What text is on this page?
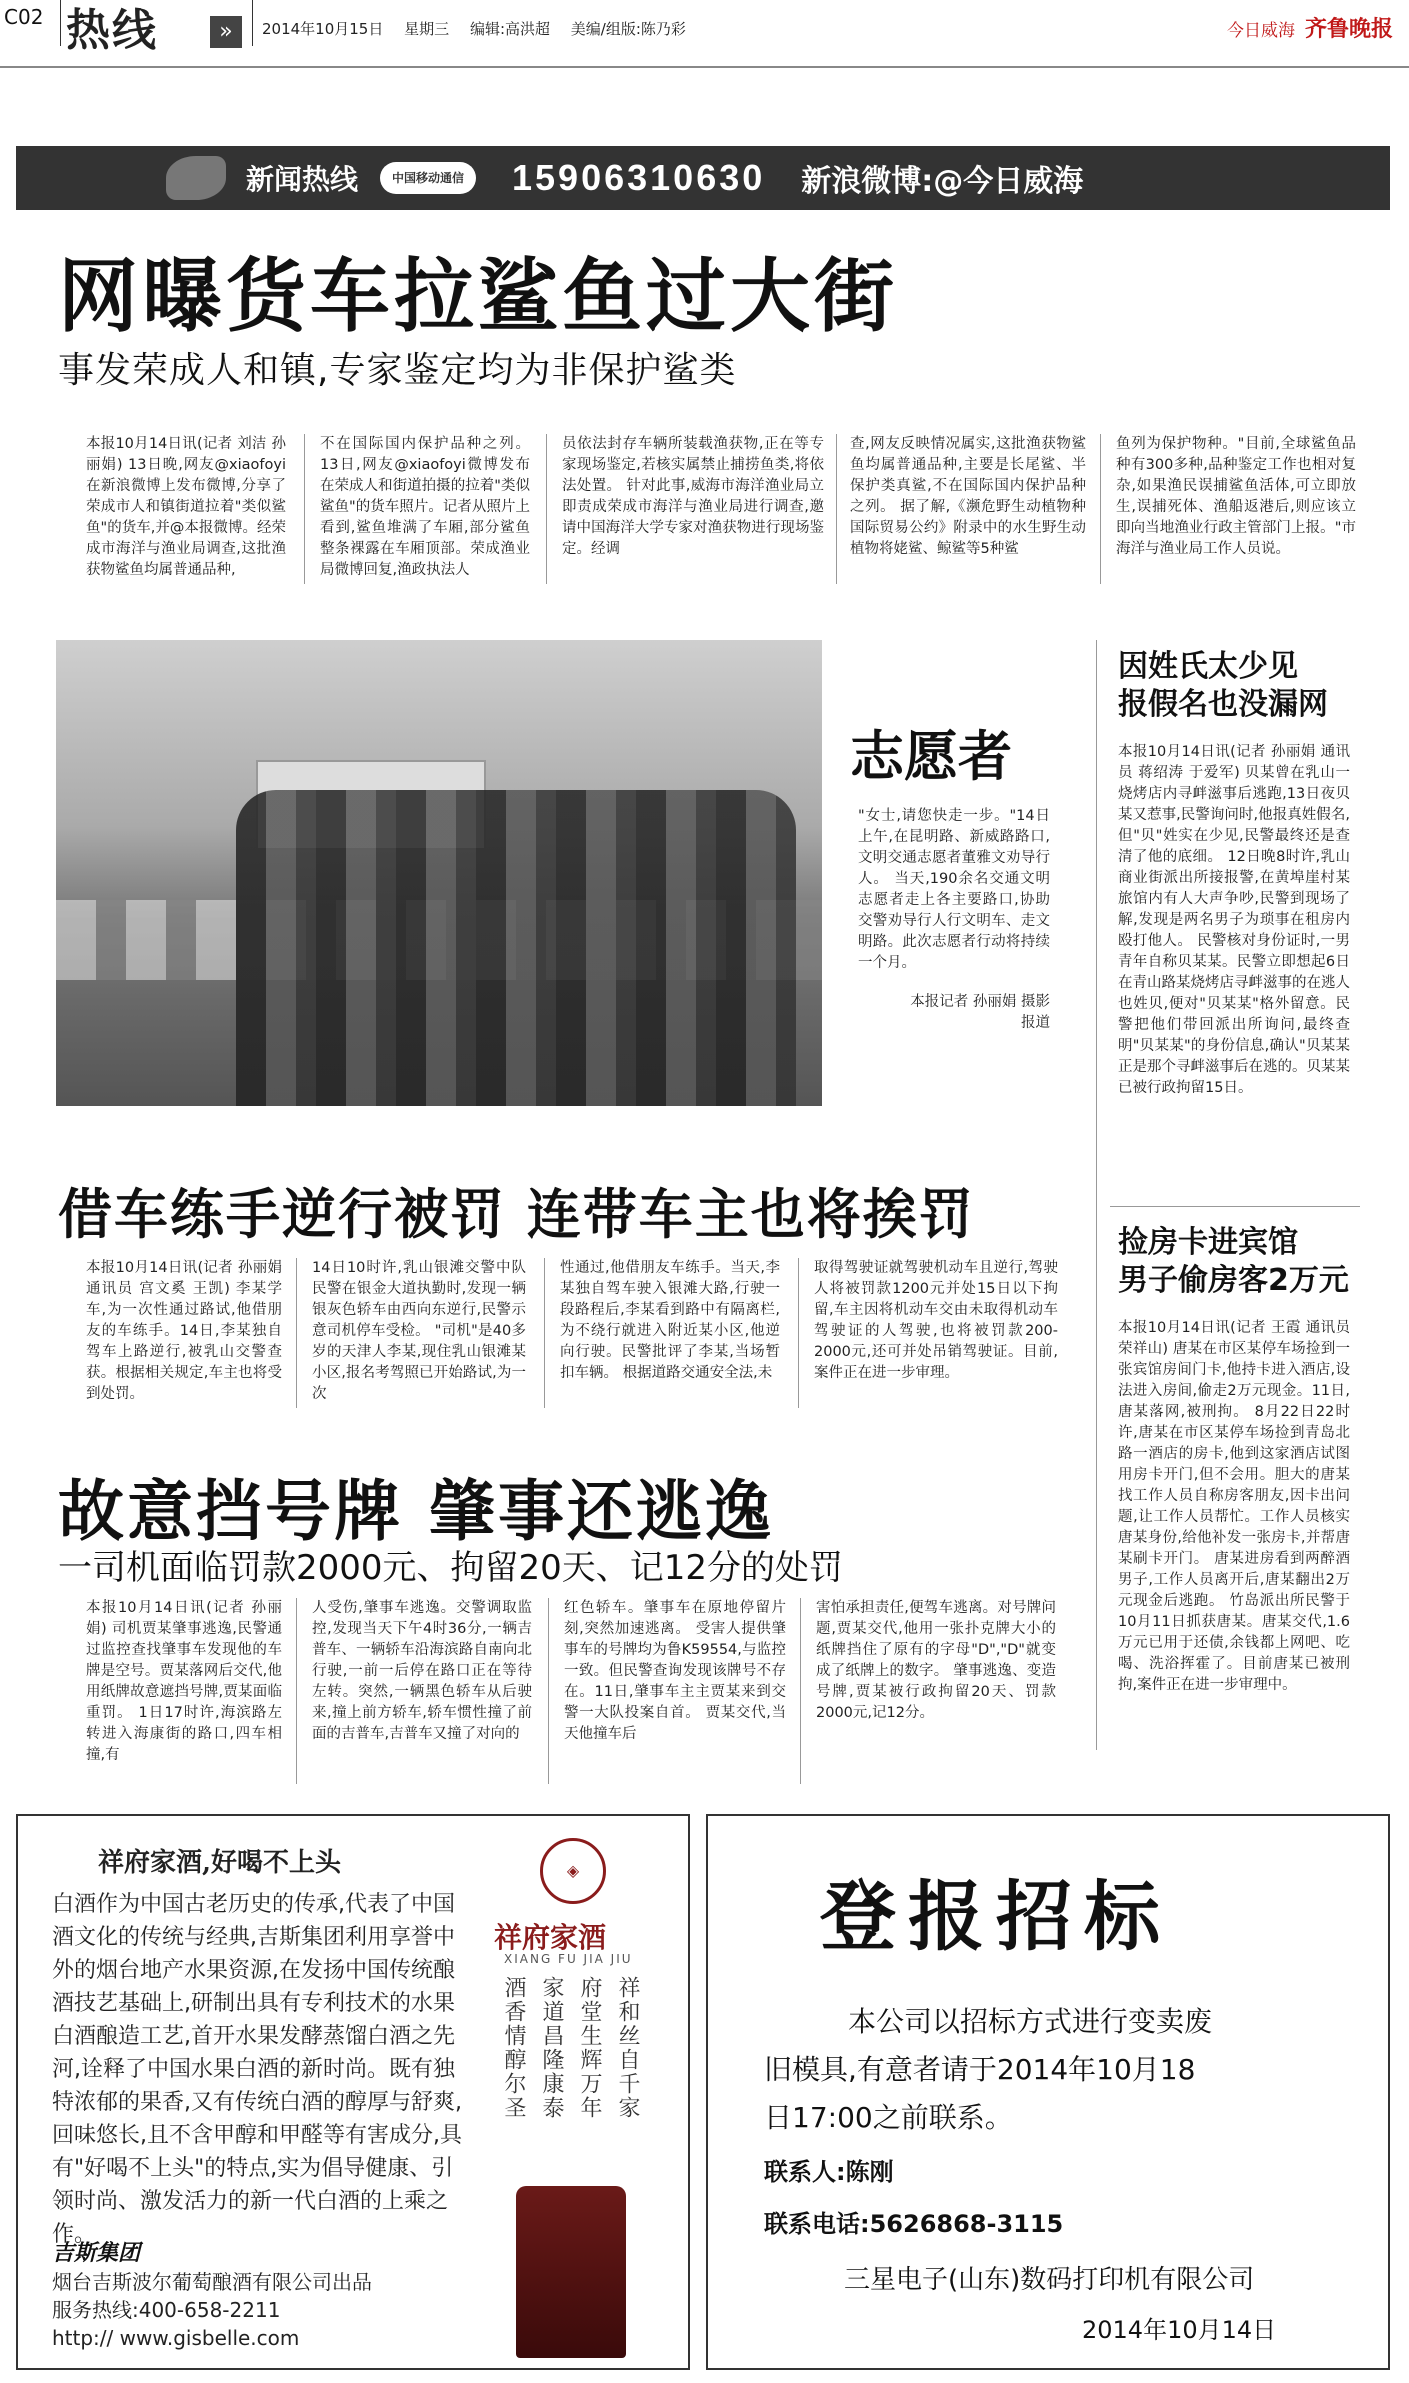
C02 热线	»	2014年10月15日 星期三 编辑:高洪超 美编/组版:陈乃彩	今日威海 齐鲁晚报
新闻热线	中国移动通信	15906310630 新浪微博:@今日威海
网曝货车拉鲨鱼过大街
事发荣成人和镇,专家鉴定均为非保护鲨类
本报10月14日讯(记者 刘洁 孙丽娟) 13日晚,网友@xiaofoyi在新浪微博上发布微博,分享了荣成市人和镇街道拉着"类似鲨鱼"的货车,并@本报微博。经荣成市海洋与渔业局调查,这批渔获物鲨鱼均属普通品种,
不在国际国内保护品种之列。 13日,网友@xiaofoyi微博发布在荣成人和街道拍摄的拉着"类似鲨鱼"的货车照片。记者从照片上看到,鲨鱼堆满了车厢,部分鲨鱼整条裸露在车厢顶部。荣成渔业局微博回复,渔政执法人
员依法封存车辆所装载渔获物,正在等专家现场鉴定,若核实属禁止捕捞鱼类,将依法处置。 针对此事,威海市海洋渔业局立即责成荣成市海洋与渔业局进行调查,邀请中国海洋大学专家对渔获物进行现场鉴定。经调
查,网友反映情况属实,这批渔获物鲨鱼均属普通品种,主要是长尾鲨、半保护类真鲨,不在国际国内保护品种之列。 据了解,《濒危野生动植物种国际贸易公约》附录中的水生野生动植物将姥鲨、鲸鲨等5种鲨
鱼列为保护物种。"目前,全球鲨鱼品种有300多种,品种鉴定工作也相对复杂,如果渔民误捕鲨鱼活体,可立即放生,误捕死体、渔船返港后,则应该立即向当地渔业行政主管部门上报。"市海洋与渔业局工作人员说。
志愿者
"女士,请您快走一步。"14日上午,在昆明路、新威路路口,文明交通志愿者董雅文劝导行人。 当天,190余名交通文明志愿者走上各主要路口,协助交警劝导行人行文明车、走文明路。此次志愿者行动将持续一个月。
本报记者 孙丽娟 摄影报道
因姓氏太少见
报假名也没漏网
本报10月14日讯(记者 孙丽娟 通讯员 蒋绍涛 于爱军) 贝某曾在乳山一烧烤店内寻衅滋事后逃跑,13日夜贝某又惹事,民警询问时,他报真姓假名,但"贝"姓实在少见,民警最终还是查清了他的底细。 12日晚8时许,乳山商业街派出所接报警,在黄埠崖村某旅馆内有人大声争吵,民警到现场了解,发现是两名男子为琐事在租房内殴打他人。 民警核对身份证时,一男青年自称贝某某。民警立即想起6日在青山路某烧烤店寻衅滋事的在逃人也姓贝,便对"贝某某"格外留意。民警把他们带回派出所询问,最终查明"贝某某"的身份信息,确认"贝某某正是那个寻衅滋事后在逃的。贝某某已被行政拘留15日。
借车练手逆行被罚 连带车主也将挨罚
本报10月14日讯(记者 孙丽娟 通讯员 宫文奚 王凯) 李某学车,为一次性通过路试,他借朋友的车练手。14日,李某独自驾车上路逆行,被乳山交警查获。根据相关规定,车主也将受到处罚。
14日10时许,乳山银滩交警中队民警在银金大道执勤时,发现一辆银灰色轿车由西向东逆行,民警示意司机停车受检。 "司机"是40多岁的天津人李某,现住乳山银滩某小区,报名考驾照已开始路试,为一次
性通过,他借朋友车练手。当天,李某独自驾车驶入银滩大路,行驶一段路程后,李某看到路中有隔离栏,为不绕行就进入附近某小区,他逆向行驶。民警批评了李某,当场暂扣车辆。 根据道路交通安全法,未
取得驾驶证就驾驶机动车且逆行,驾驶人将被罚款1200元并处15日以下拘留,车主因将机动车交由未取得机动车驾驶证的人驾驶,也将被罚款200-2000元,还可并处吊销驾驶证。目前,案件正在进一步审理。
捡房卡进宾馆
男子偷房客2万元
本报10月14日讯(记者 王霞 通讯员 荣祥山) 唐某在市区某停车场捡到一张宾馆房间门卡,他持卡进入酒店,设法进入房间,偷走2万元现金。11日,唐某落网,被刑拘。 8月22日22时许,唐某在市区某停车场捡到青岛北路一酒店的房卡,他到这家酒店试图用房卡开门,但不会用。胆大的唐某找工作人员自称房客朋友,因卡出问题,让工作人员帮忙。工作人员核实唐某身份,给他补发一张房卡,并帮唐某刷卡开门。 唐某进房看到两醉酒男子,工作人员离开后,唐某翻出2万元现金后逃跑。 竹岛派出所民警于10月11日抓获唐某。唐某交代,1.6万元已用于还债,余钱都上网吧、吃喝、洗浴挥霍了。目前唐某已被刑拘,案件正在进一步审理中。
故意挡号牌 肇事还逃逸
一司机面临罚款2000元、拘留20天、记12分的处罚
本报10月14日讯(记者 孙丽娟) 司机贾某肇事逃逸,民警通过监控查找肇事车发现他的车牌是空号。贾某落网后交代,他用纸牌故意遮挡号牌,贾某面临重罚。 1日17时许,海滨路左转进入海康街的路口,四车相撞,有
人受伤,肇事车逃逸。交警调取监控,发现当天下午4时36分,一辆吉普车、一辆轿车沿海滨路自南向北行驶,一前一后停在路口正在等待左转。突然,一辆黑色轿车从后驶来,撞上前方轿车,轿车惯性撞了前面的吉普车,吉普车又撞了对向的
红色轿车。肇事车在原地停留片刻,突然加速逃离。 受害人提供肇事车的号牌均为鲁K59554,与监控一致。但民警查询发现该牌号不存在。11日,肇事车主主贾某来到交警一大队投案自首。 贾某交代,当天他撞车后
害怕承担责任,便驾车逃离。对号牌问题,贾某交代,他用一张扑克牌大小的纸牌挡住了原有的字母"D","D"就变成了纸牌上的数字。 肇事逃逸、变造号牌,贾某被行政拘留20天、罚款2000元,记12分。
祥府家酒,好喝不上头
白酒作为中国古老历史的传承,代表了中国酒文化的传统与经典,吉斯集团利用享誉中外的烟台地产水果资源,在发扬中国传统酿酒技艺基础上,研制出具有专利技术的水果白酒酿造工艺,首开水果发酵蒸馏白酒之先河,诠释了中国水果白酒的新时尚。既有独特浓郁的果香,又有传统白酒的醇厚与舒爽,回味悠长,且不含甲醇和甲醛等有害成分,具有"好喝不上头"的特点,实为倡导健康、引领时尚、激发活力的新一代白酒的上乘之作。
吉斯集团
烟台吉斯波尔葡萄酿酒有限公司出品
服务热线:400-658-2211
http:// www.gisbelle.com
◈
祥府家酒
XIANG FU JIA JIU
祥和丝自千家
府堂生辉万年
家道昌隆康泰
酒香情醇尔圣
登报招标
本公司以招标方式进行变卖废
旧模具,有意者请于2014年10月18
日17:00之前联系。
联系人:陈刚
联系电话:5626868-3115
三星电子(山东)数码打印机有限公司
2014年10月14日
